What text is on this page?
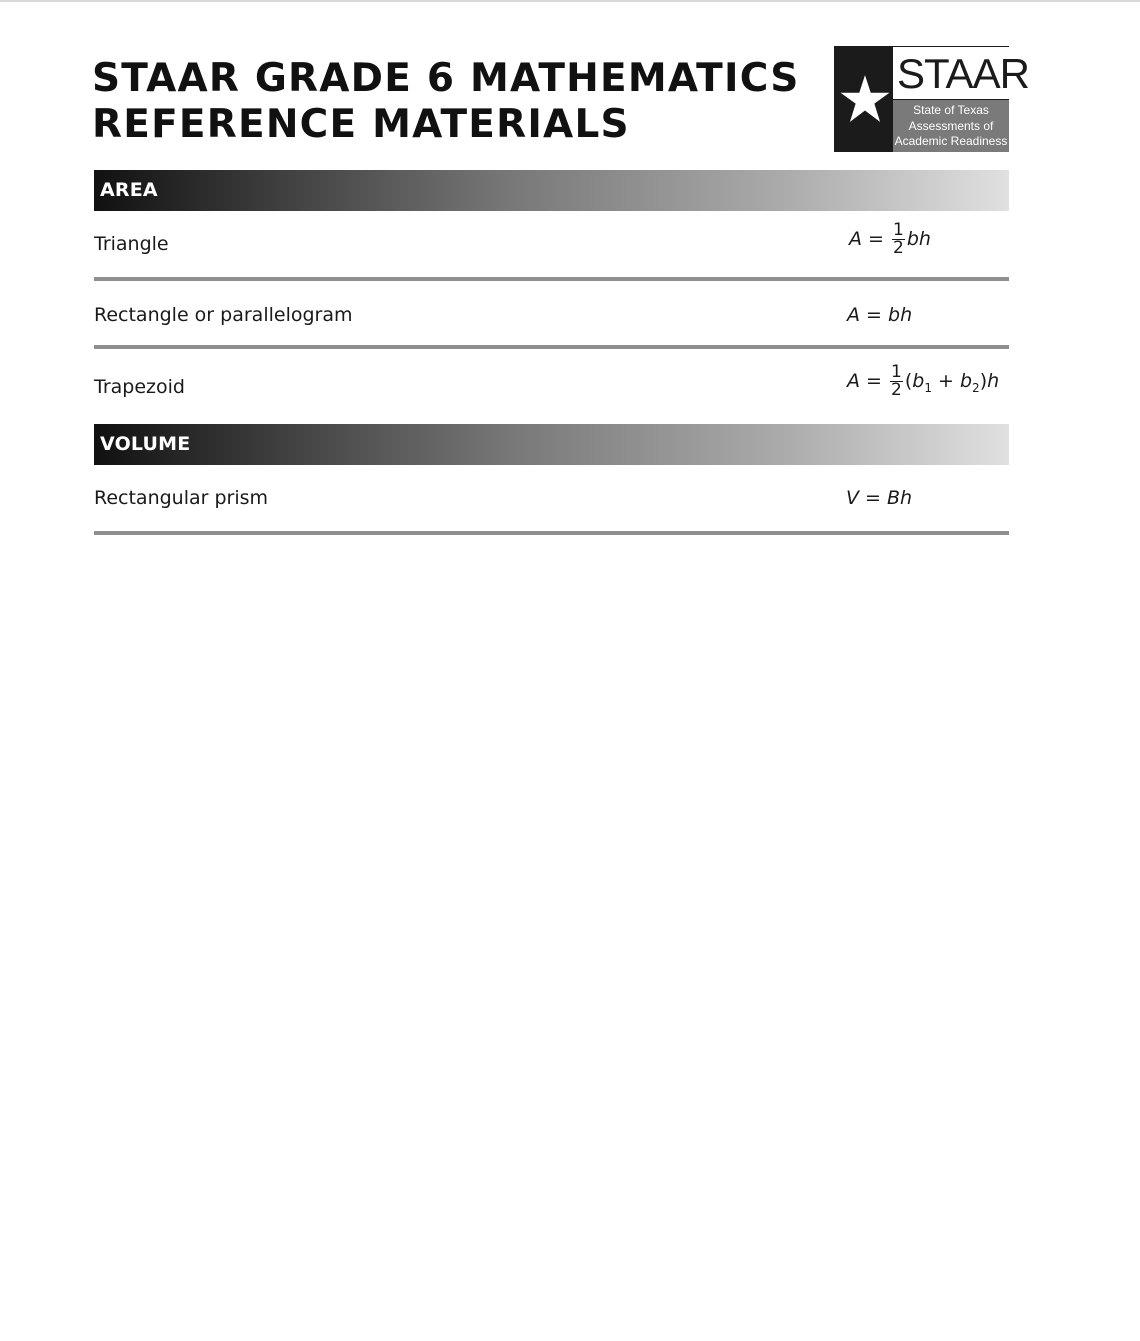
STAAR GRADE 6 MATHEMATICS
REFERENCE MATERIALS
STAAR
State of Texas
Assessments of
Academic Readiness
AREA
Triangle	$A = \frac{1}{2}$ bh
Rectangle or parallelogram	A = bh
Trapezoid	$A = \frac{1}{2} (b_1 + b_2)h$
VOLUME
Rectangular prism	V = Bh
